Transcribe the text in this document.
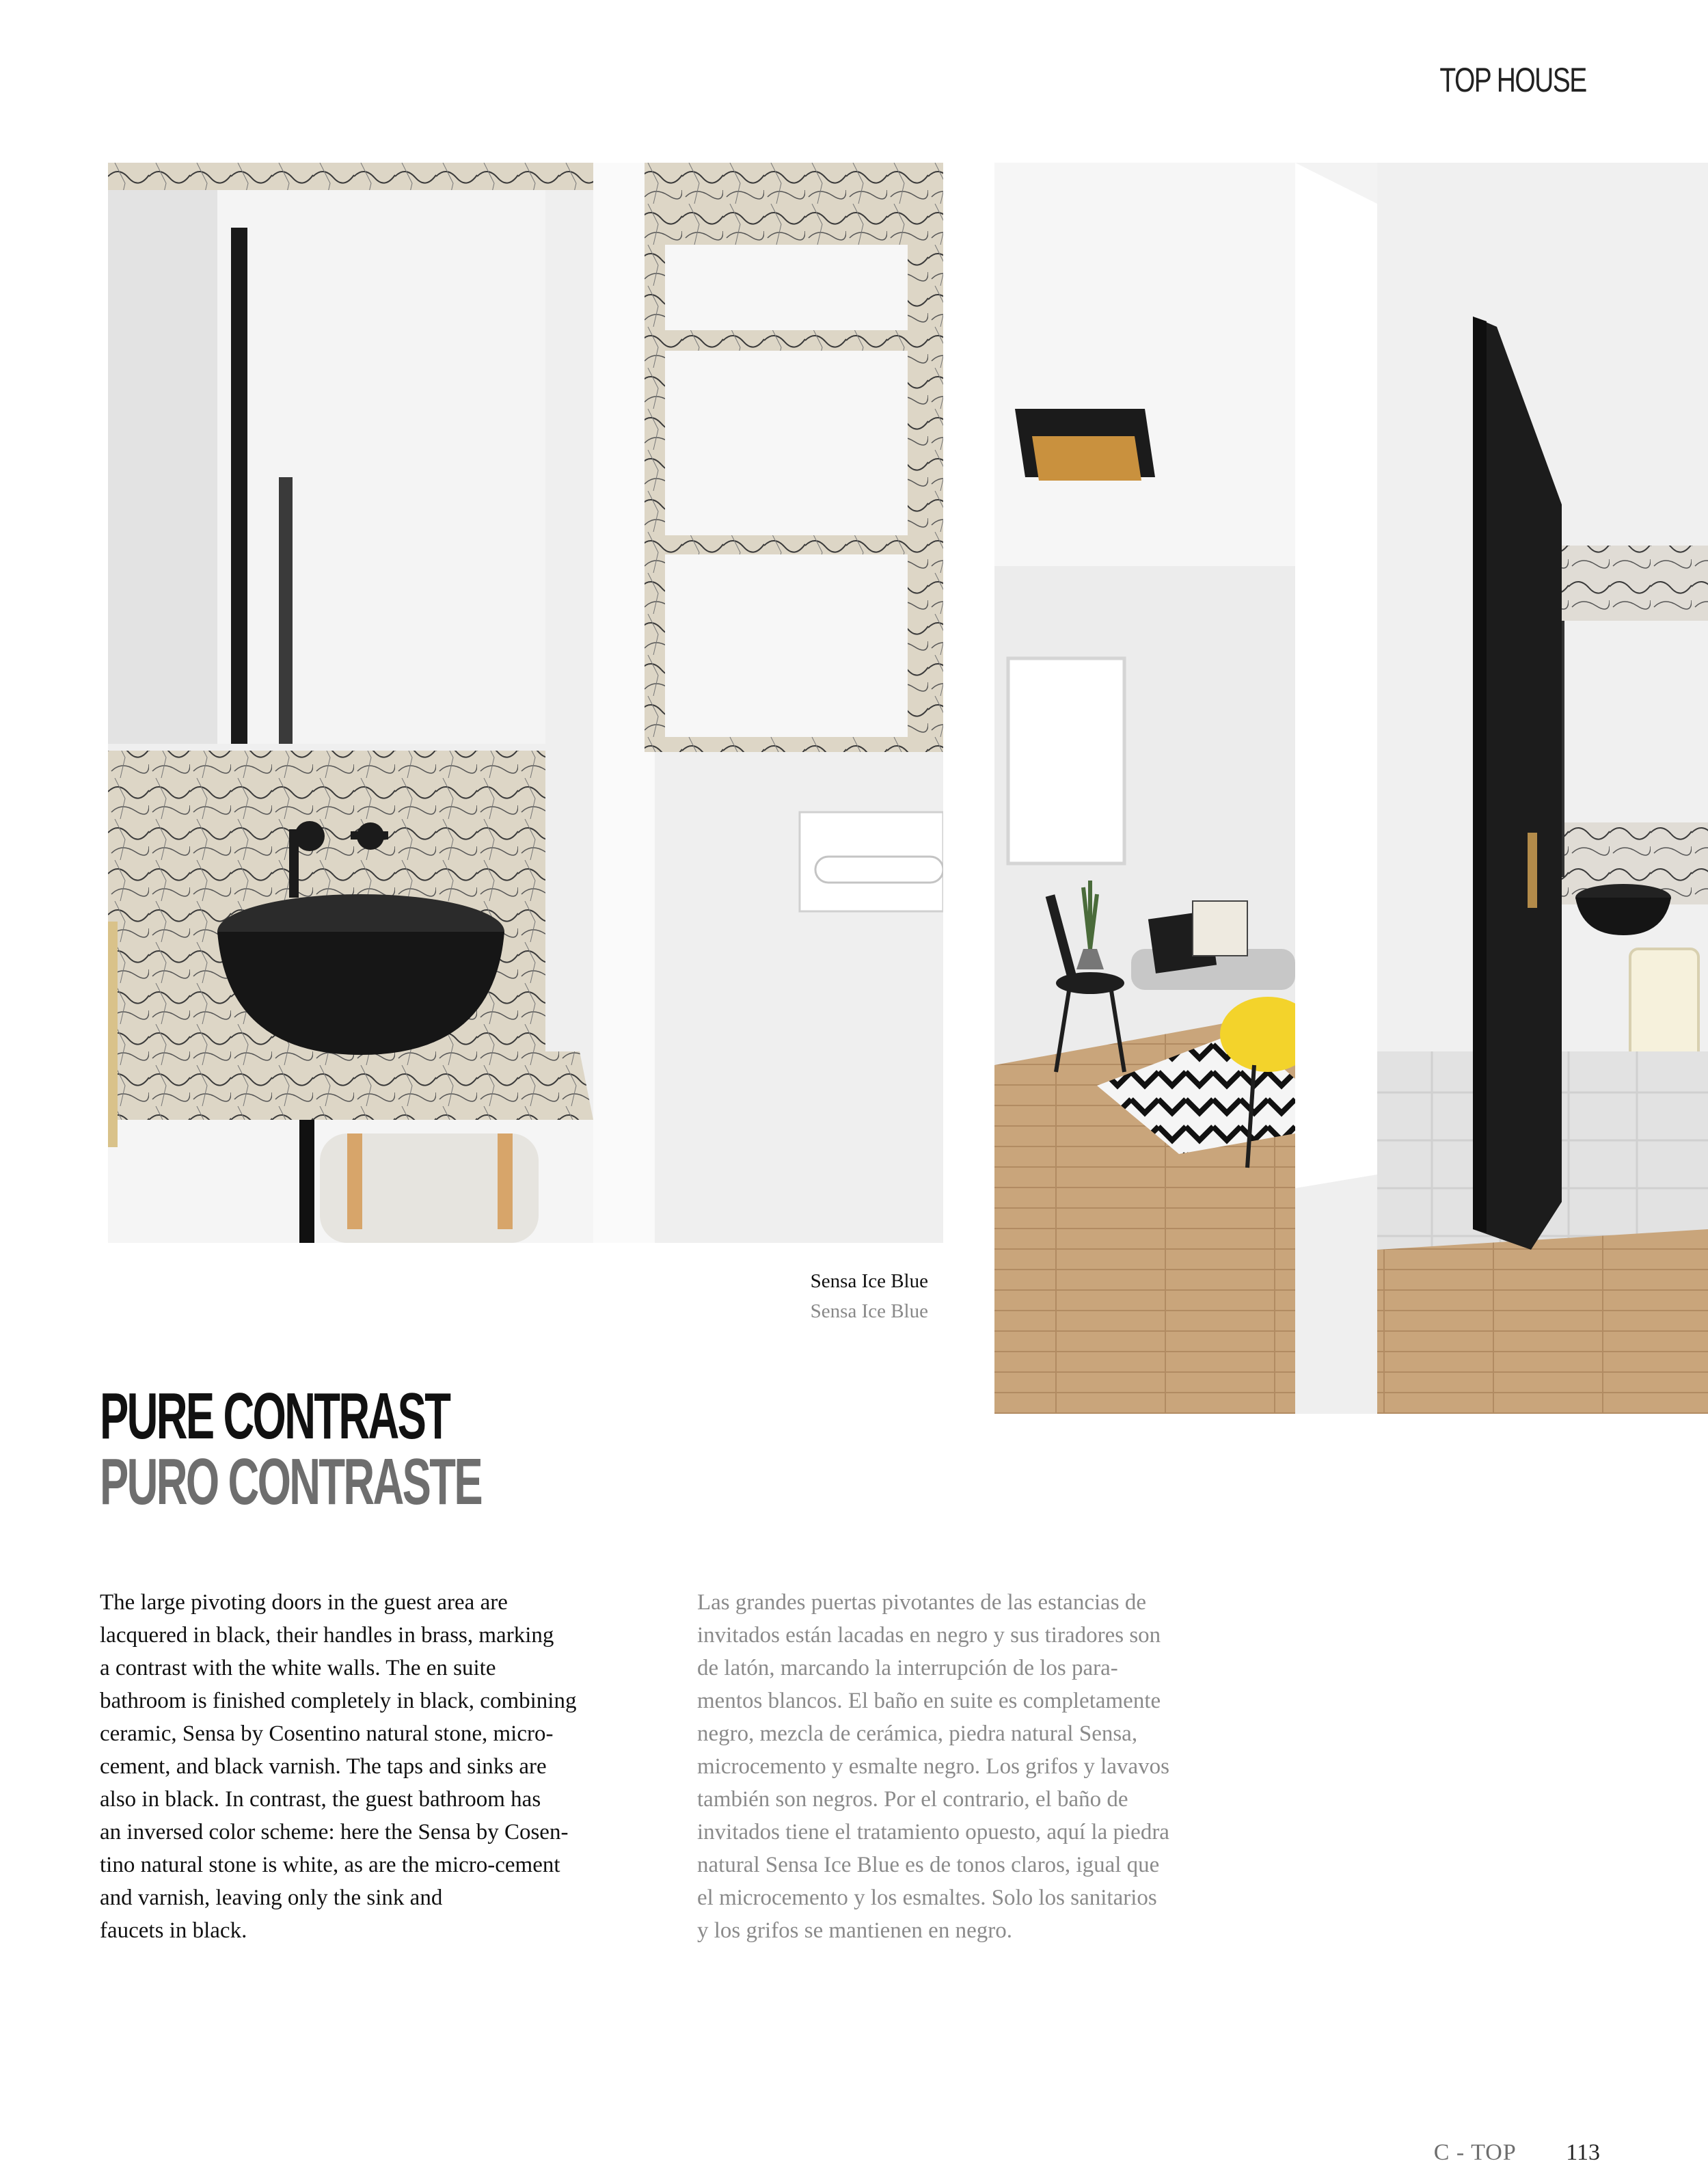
TOP HOUSE
Sensa Ice Blue
Sensa Ice Blue
PURE CONTRAST
PURO CONTRASTE
The large pivoting doors in the guest area are
lacquered in black, their handles in brass, marking
a contrast with the white walls. The en suite
bathroom is finished completely in black, combining
ceramic, Sensa by Cosentino natural stone, micro-
cement, and black varnish. The taps and sinks are
also in black. In contrast, the guest bathroom has
an inversed color scheme: here the Sensa by Cosen-
tino natural stone is white, as are the micro-cement
and varnish, leaving only the sink and
faucets in black.
Las grandes puertas pivotantes de las estancias de
invitados están lacadas en negro y sus tiradores son
de latón, marcando la interrupción de los para-
mentos blancos. El baño en suite es completamente
negro, mezcla de cerámica, piedra natural Sensa,
microcemento y esmalte negro. Los grifos y lavavos
también son negros. Por el contrario, el baño de
invitados tiene el tratamiento opuesto, aquí la piedra
natural Sensa Ice Blue es de tonos claros, igual que
el microcemento y los esmaltes. Solo los sanitarios
y los grifos se mantienen en negro.
C - TOP 113
